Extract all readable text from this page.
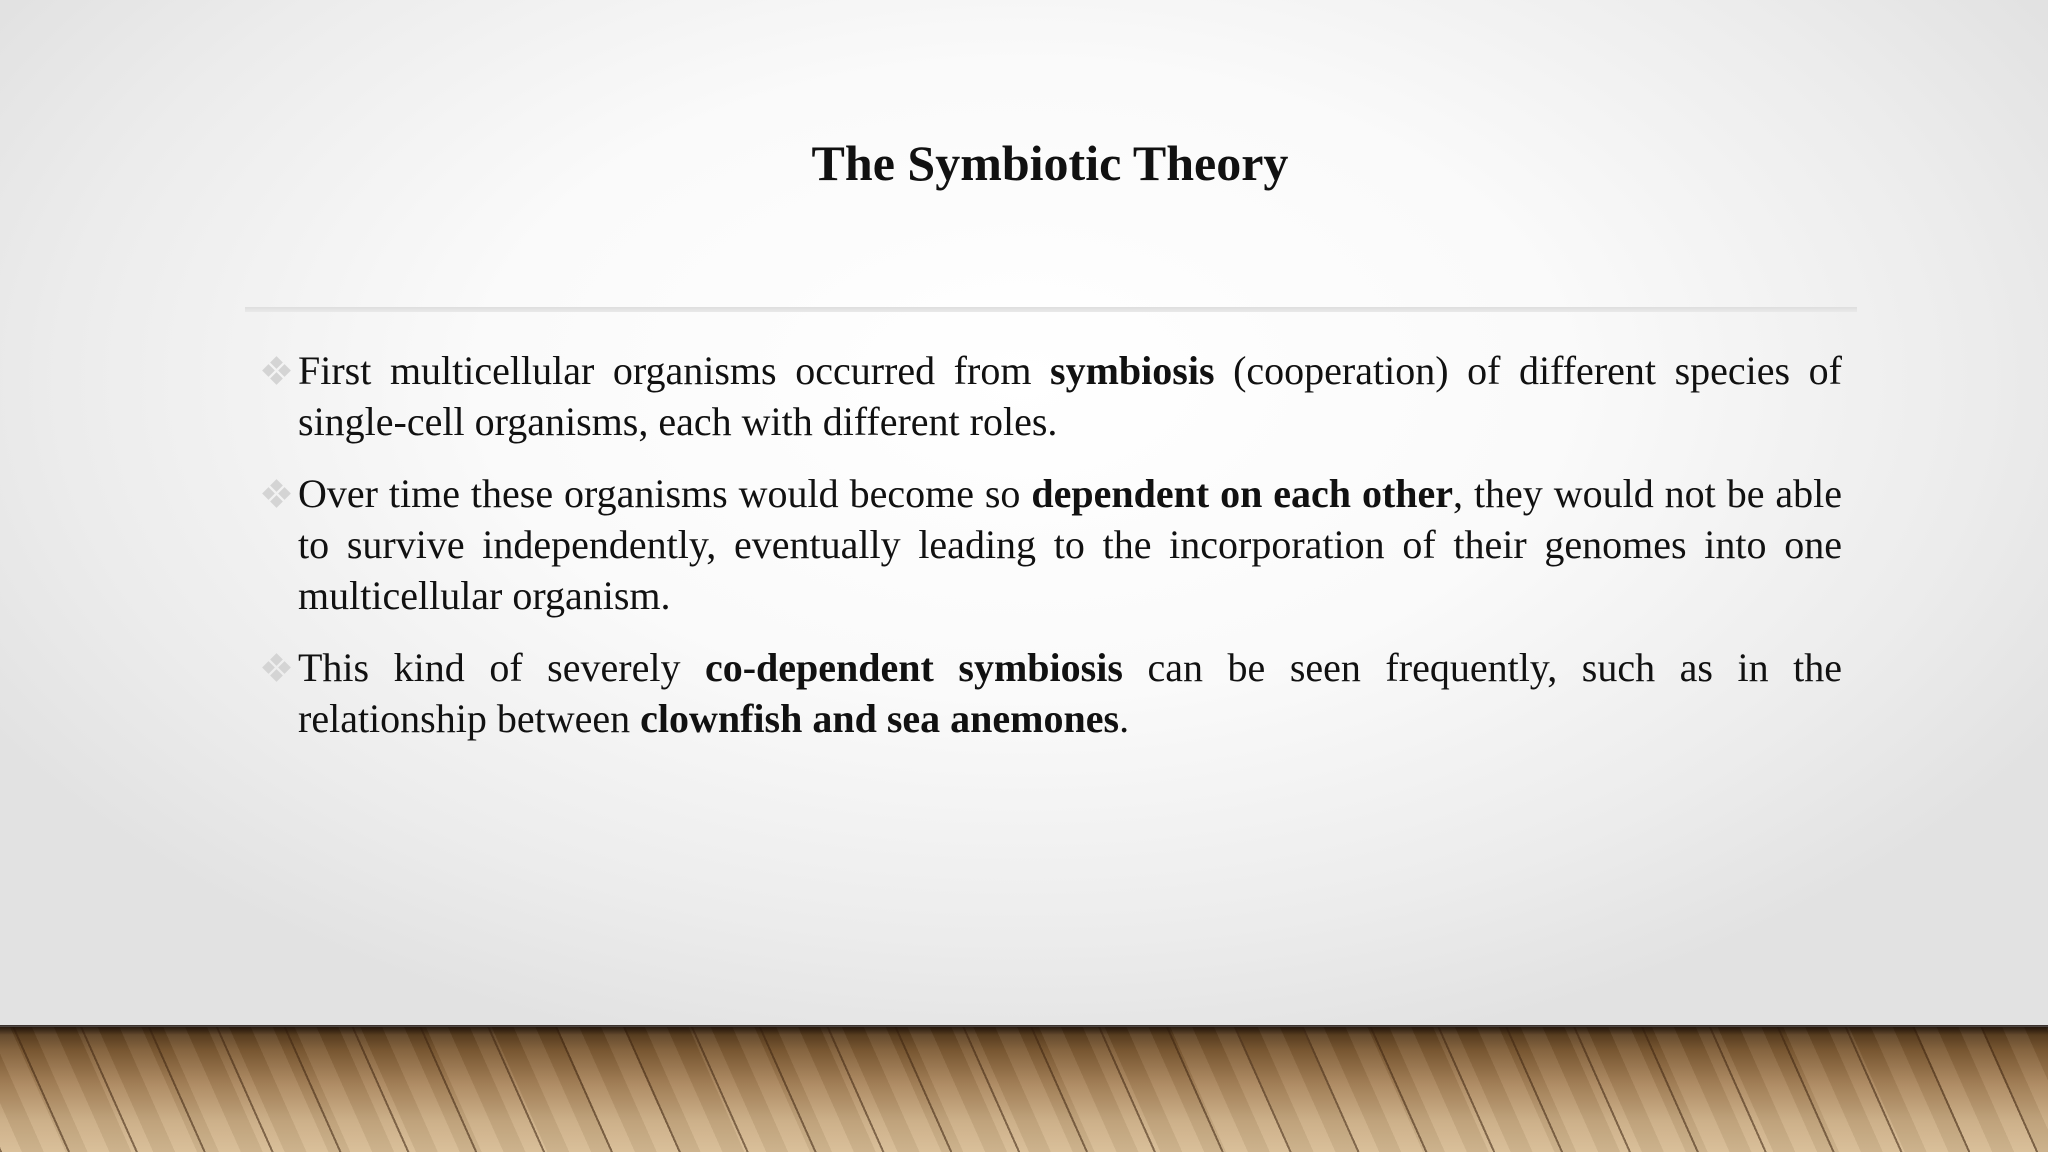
The Symbiotic Theory

First multicellular organisms occurred from symbiosis (cooperation) of different species of single-cell organisms, each with different roles.

Over time these organisms would become so dependent on each other, they would not be able to survive independently, eventually leading to the incorporation of their genomes into one multicellular organism.

This kind of severely co-dependent symbiosis can be seen frequently, such as in the relationship between clownfish and sea anemones.
